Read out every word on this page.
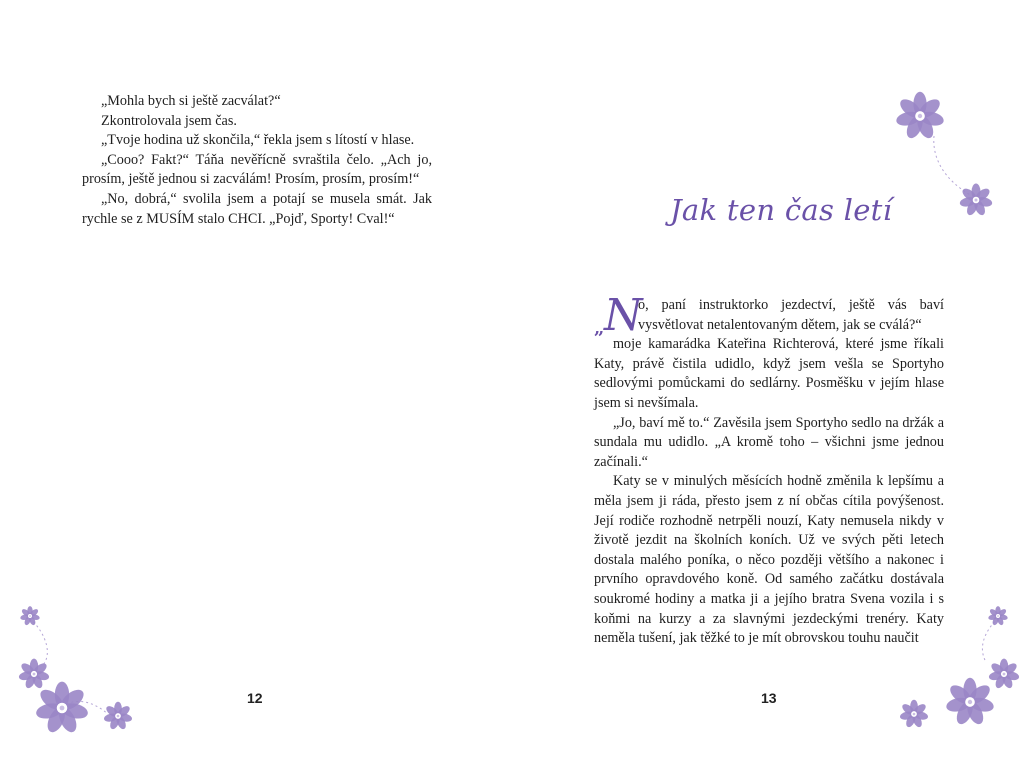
„Mohla bych si ještě zacválat?“

Zkontrolovala jsem čas.

„Tvoje hodina už skončila,“ řekla jsem s lítostí v hlase.

„Cooo? Fakt?“ Táňa nevěřícně svraštila čelo. „Ach jo, prosím, ještě jednou si zacválám! Prosím, prosím, prosím!“

„No, dobrá,“ svolila jsem a potají se musela smát. Jak rychle se z MUSÍM stalo CHCI. „Pojď, Sporty! Cval!“

12
Jak ten čas letí

„ N
o, paní instruktorko jezdectví, ještě vás baví vysvětlovat netalentovaným dětem, jak se cválá?“

moje kamarádka Kateřina Richterová, které jsme říkali Katy, právě čistila udidlo, když jsem vešla se Sportyho sedlovými pomůckami do sedlárny. Posměšku v jejím hlase jsem si nevšímala.

„Jo, baví mě to.“ Zavěsila jsem Sportyho sedlo na držák a sundala mu udidlo. „A kromě toho – všichni jsme jednou začínali.“

Katy se v minulých měsících hodně změnila k lepšímu a měla jsem ji ráda, přesto jsem z ní občas cítila povýšenost. Její rodiče rozhodně netrpěli nouzí, Katy nemusela nikdy v životě jezdit na školních koních. Už ve svých pěti letech dostala malého poníka, o něco později většího a nakonec i prvního opravdového koně. Od samého začátku dostávala soukromé hodiny a matka ji a jejího bratra Svena vozila i s koňmi na kurzy a za slavnými jezdeckými trenéry. Katy neměla tušení, jak těžké to je mít obrovskou touhu naučit

13
